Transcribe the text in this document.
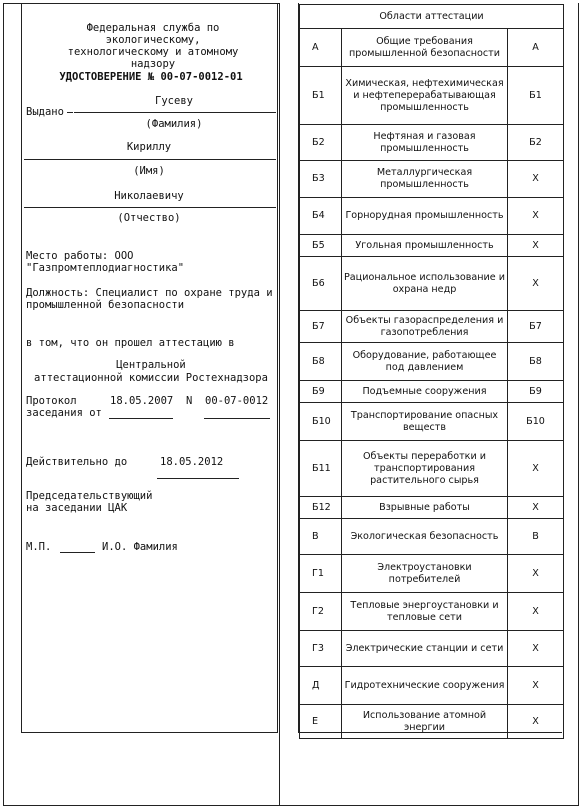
Федеральная служба по экологическому, технологическому и атомному надзору
УДОСТОВЕРЕНИЕ № 00-07-0012-01
Выдано
Гусеву
(Фамилия)
Кириллу
(Имя)
Николаевичу
(Отчество)
Место работы: ООО "Газпромтеплодиагностика"
Должность: Специалист по охране труда и промышленной безопасности
в том, что он прошел аттестацию в
Центральной
аттестационной комиссии Ростехнадзора
Протокол	18.05.2007 N 00-07-0012
заседания от
Действительно до	18.05.2012
Председательствующий
на заседании ЦАК
М.П.	И.О. Фамилия
Области аттестации		
А	Общие требования промышленной безопасности	А
Б1	Химическая, нефтехимическая и нефтеперерабатывающая промышленность	Б1
Б2	Нефтяная и газовая промышленность	Б2
Б3	Металлургическая промышленность	X
Б4	Горнорудная промышленность	X
Б5	Угольная промышленность	X
Б6	Рациональное использование и охрана недр	X
Б7	Объекты газораспределения и газопотребления	Б7
Б8	Оборудование, работающее под давлением	Б8
Б9	Подъемные сооружения	Б9
Б10	Транспортирование опасных веществ	Б10
Б11	Объекты переработки и транспортирования растительного сырья	X
Б12	Взрывные работы	X
В	Экологическая безопасность	В
Г1	Электроустановки потребителей	X
Г2	Тепловые энергоустановки и тепловые сети	X
Г3	Электрические станции и сети	X
Д	Гидротехнические сооружения	X
Е	Использование атомной энергии	X
